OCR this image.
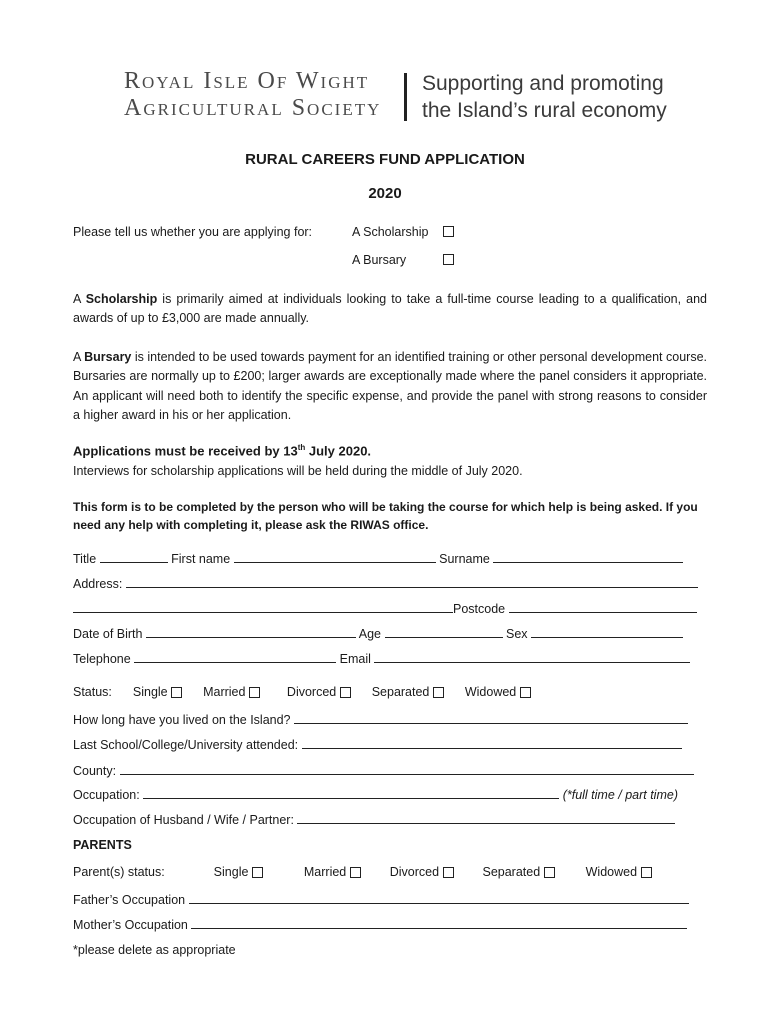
Royal Isle Of Wight
Agricultural Society
Supporting and promoting
the Island’s rural economy
RURAL CAREERS FUND APPLICATION
2020
Please tell us whether you are applying for:	A Scholarship
A Bursary
A Scholarship is primarily aimed at individuals looking to take a full-time course leading to a qualification, and awards of up to £3,000 are made annually.
A Bursary is intended to be used towards payment for an identified training or other personal development course. Bursaries are normally up to £200; larger awards are exceptionally made where the panel considers it appropriate. An applicant will need both to identify the specific expense, and provide the panel with strong reasons to consider a higher award in his or her application.
Applications must be received by 13th July 2020.
Interviews for scholarship applications will be held during the middle of July 2020.
This form is to be completed by the person who will be taking the course for which help is being asked. If you need any help with completing it, please ask the RIWAS office.
Title	First name	Surname
Address:
Postcode
Date of Birth	Age	Sex
Telephone	Email
Status: Single	Married	Divorced	Separated	Widowed
How long have you lived on the Island?
Last School/College/University attended:
County:
Occupation:	(*full time / part time)
Occupation of Husband / Wife / Partner:
PARENTS
Parent(s) status:	Single	Married	Divorced	Separated	Widowed
Father’s Occupation
Mother’s Occupation
*please delete as appropriate
